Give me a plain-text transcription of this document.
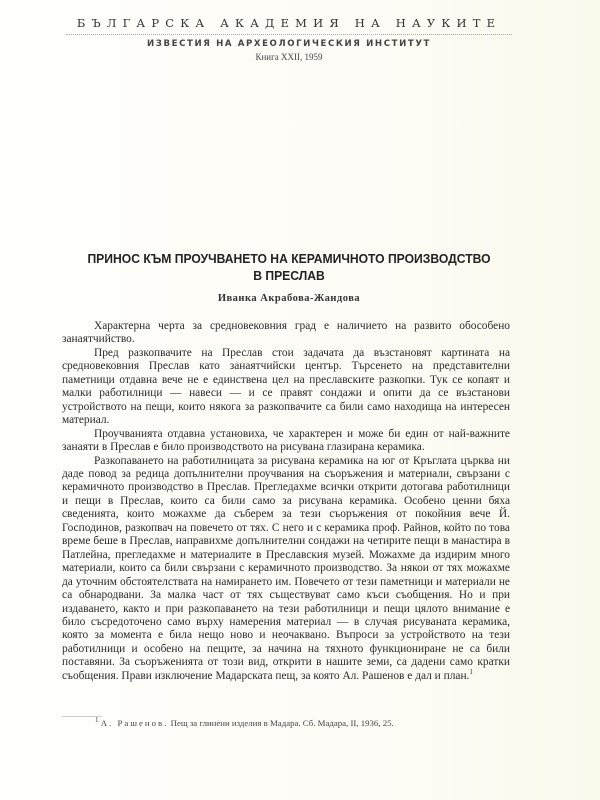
БЪЛГАРСКА АКАДЕМИЯ НА НАУКИТЕ
ИЗВЕСТИЯ НА АРХЕОЛОГИЧЕСКИЯ ИНСТИТУТ
Книга XXII, 1959
ПРИНОС КЪМ ПРОУЧВАНЕТО НА КЕРАМИЧНОТО ПРОИЗВОДСТВО
В ПРЕСЛАВ
Иванка Акрабова-Жандова

Характерна черта за средновековния град е наличието на развито обособено занаятчийство.

Пред разкопвачите на Преслав стои задачата да възстановят картината на средновековния Преслав като занаятчийски център. Търсенето на представителни паметници отдавна вече не е единствена цел на преславските разкопки. Тук се копаят и малки работилници — навеси — и се правят сондажи и опити да се възстанови устройството на пещи, които някога за разкопвачите са били само находища на интересен материал.

Проучванията отдавна установиха, че характерен и може би един от най-важните занаяти в Преслав е било производството на рисувана глазирана керамика.

Разкопаването на работилницата за рисувана керамика на юг от Кръглата църква ни даде повод за редица допълнителни проучвания на съоръжения и материали, свързани с керамичното производство в Преслав. Прегледахме всички открити дотогава работилници и пещи в Преслав, които са били само за рисувана керамика. Особено ценни бяха сведенията, които можахме да съберем за тези съоръжения от покойния вече Й. Господинов, разкопвач на повечето от тях. С него и с керамика проф. Райнов, който по това време беше в Преслав, направихме допълнителни сондажи на четирите пещи в манастира в Патлейна, прегледахме и материалите в Преславския музей. Можахме да издирим много материали, които са били свързани с керамичното производство. За някои от тях можахме да уточним обстоятелствата на намирането им. Повечето от тези паметници и материали не са обнародвани. За малка част от тях съществуват само къси съобщения. Но и при издаването, както и при разкопаването на тези работилници и пещи цялото внимание е било съсредоточено само върху намерения материал — в случая рисуваната керамика, която за момента е била нещо ново и неочаквано. Въпроси за устройството на тези работилници и особено на пещите, за начина на тяхното функциониране не са били поставяни. За съоръженията от този вид, открити в нашите земи, са дадени само кратки съобщения. Прави изключение Мадарската пещ, за която Ал. Рашенов е дал и план.$^1$

$^1$ А. Рашенов. Пещ за глинени изделия в Мадара. Сб. Мадара, II, 1936, 25.
